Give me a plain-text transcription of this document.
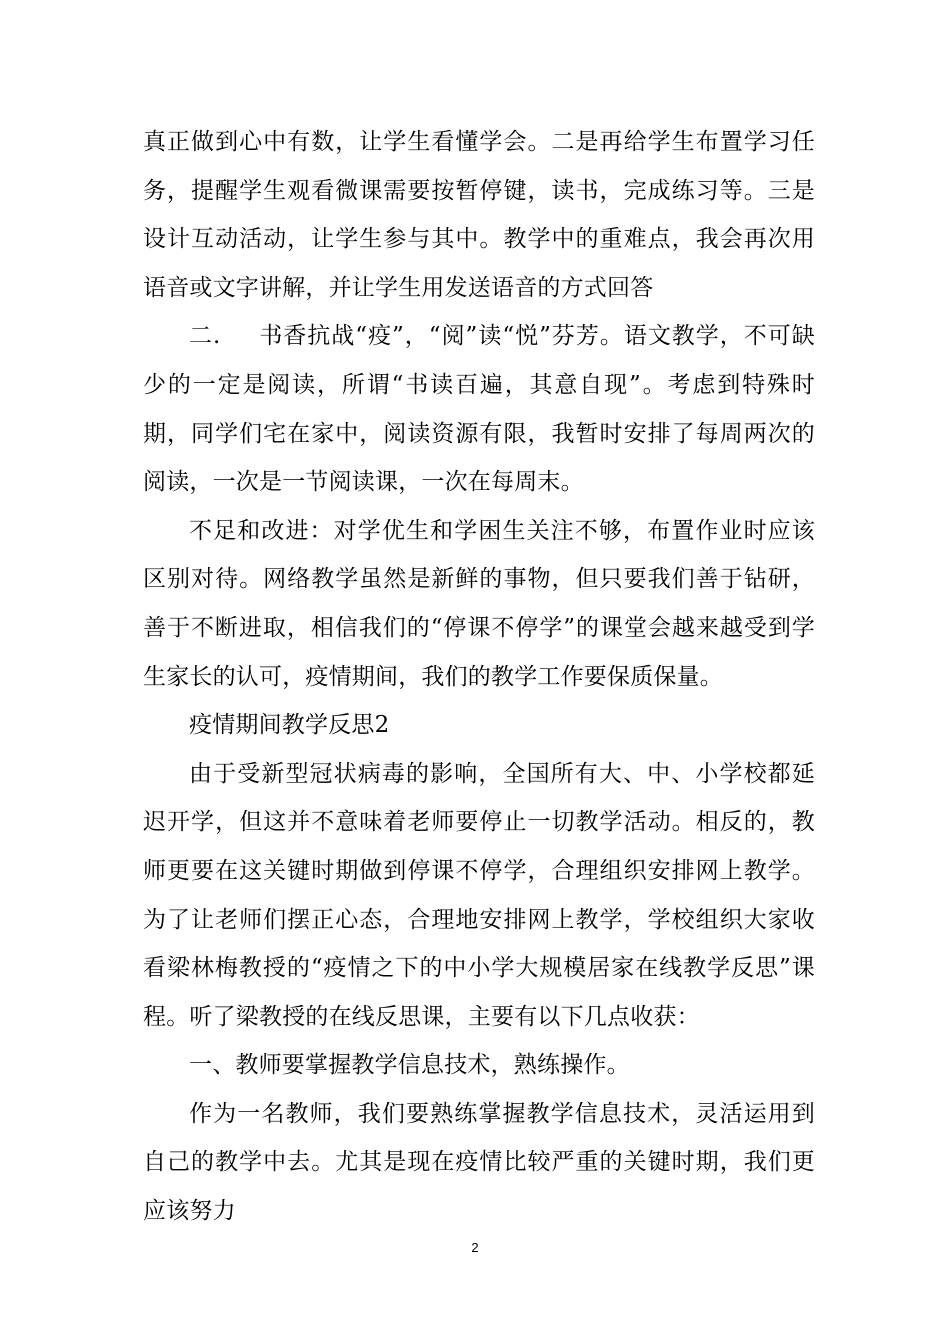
真正做到心中有数，让学生看懂学会。二是再给学生布置学习任务，提醒学生观看微课需要按暂停键，读书，完成练习等。三是设计互动活动，让学生参与其中。教学中的重难点，我会再次用语音或文字讲解，并让学生用发送语音的方式回答

二. 书香抗战“疫”，“阅”读“悦”芬芳。语文教学，不可缺少的一定是阅读，所谓“书读百遍，其意自现”。考虑到特殊时期，同学们宅在家中，阅读资源有限，我暂时安排了每周两次的阅读，一次是一节阅读课，一次在每周末。

不足和改进：对学优生和学困生关注不够，布置作业时应该区别对待。网络教学虽然是新鲜的事物，但只要我们善于钻研，善于不断进取，相信我们的“停课不停学”的课堂会越来越受到学生家长的认可，疫情期间，我们的教学工作要保质保量。

疫情期间教学反思2

由于受新型冠状病毒的影响，全国所有大、中、小学校都延迟开学，但这并不意味着老师要停止一切教学活动。相反的，教师更要在这关键时期做到停课不停学，合理组织安排网上教学。为了让老师们摆正心态，合理地安排网上教学，学校组织大家收看梁林梅教授的“疫情之下的中小学大规模居家在线教学反思”课程。听了梁教授的在线反思课，主要有以下几点收获：

一、教师要掌握教学信息技术，熟练操作。

作为一名教师，我们要熟练掌握教学信息技术，灵活运用到自己的教学中去。尤其是现在疫情比较严重的关键时期，我们更应该努力

2
